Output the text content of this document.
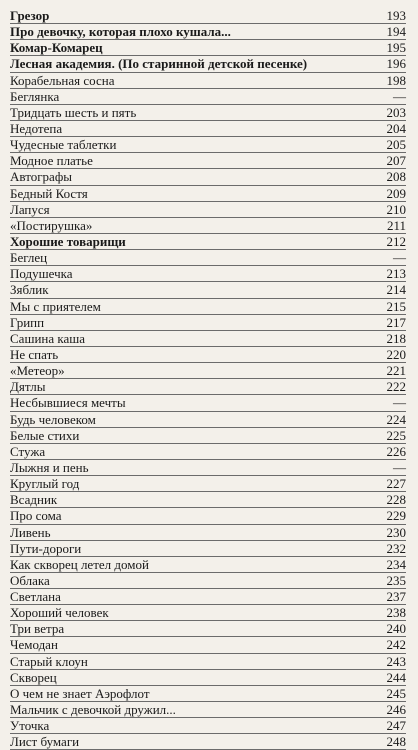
Грезор	193
Про девочку, которая плохо кушала...	194
Комар-Комарец	195
Лесная академия. (По старинной детской песенке)	196
Корабельная сосна	198
Беглянка	—
Тридцать шесть и пять	203
Недотепа	204
Чудесные таблетки	205
Модное платье	207
Автографы	208
Бедный Костя	209
Лапуся	210
«Постирушка»	211
Хорошие товарищи	212
Беглец	—
Подушечка	213
Зяблик	214
Мы с приятелем	215
Грипп	217
Сашина каша	218
Не спать	220
«Метеор»	221
Дятлы	222
Несбывшиеся мечты	—
Будь человеком	224
Белые стихи	225
Стужа	226
Лыжня и пень	—
Круглый год	227
Всадник	228
Про сома	229
Ливень	230
Пути-дороги	232
Как скворец летел домой	234
Облака	235
Светлана	237
Хороший человек	238
Три ветра	240
Чемодан	242
Старый клоун	243
Скворец	244
О чем не знает Аэрофлот	245
Мальчик с девочкой дружил...	246
Уточка	247
Лист бумаги	248
